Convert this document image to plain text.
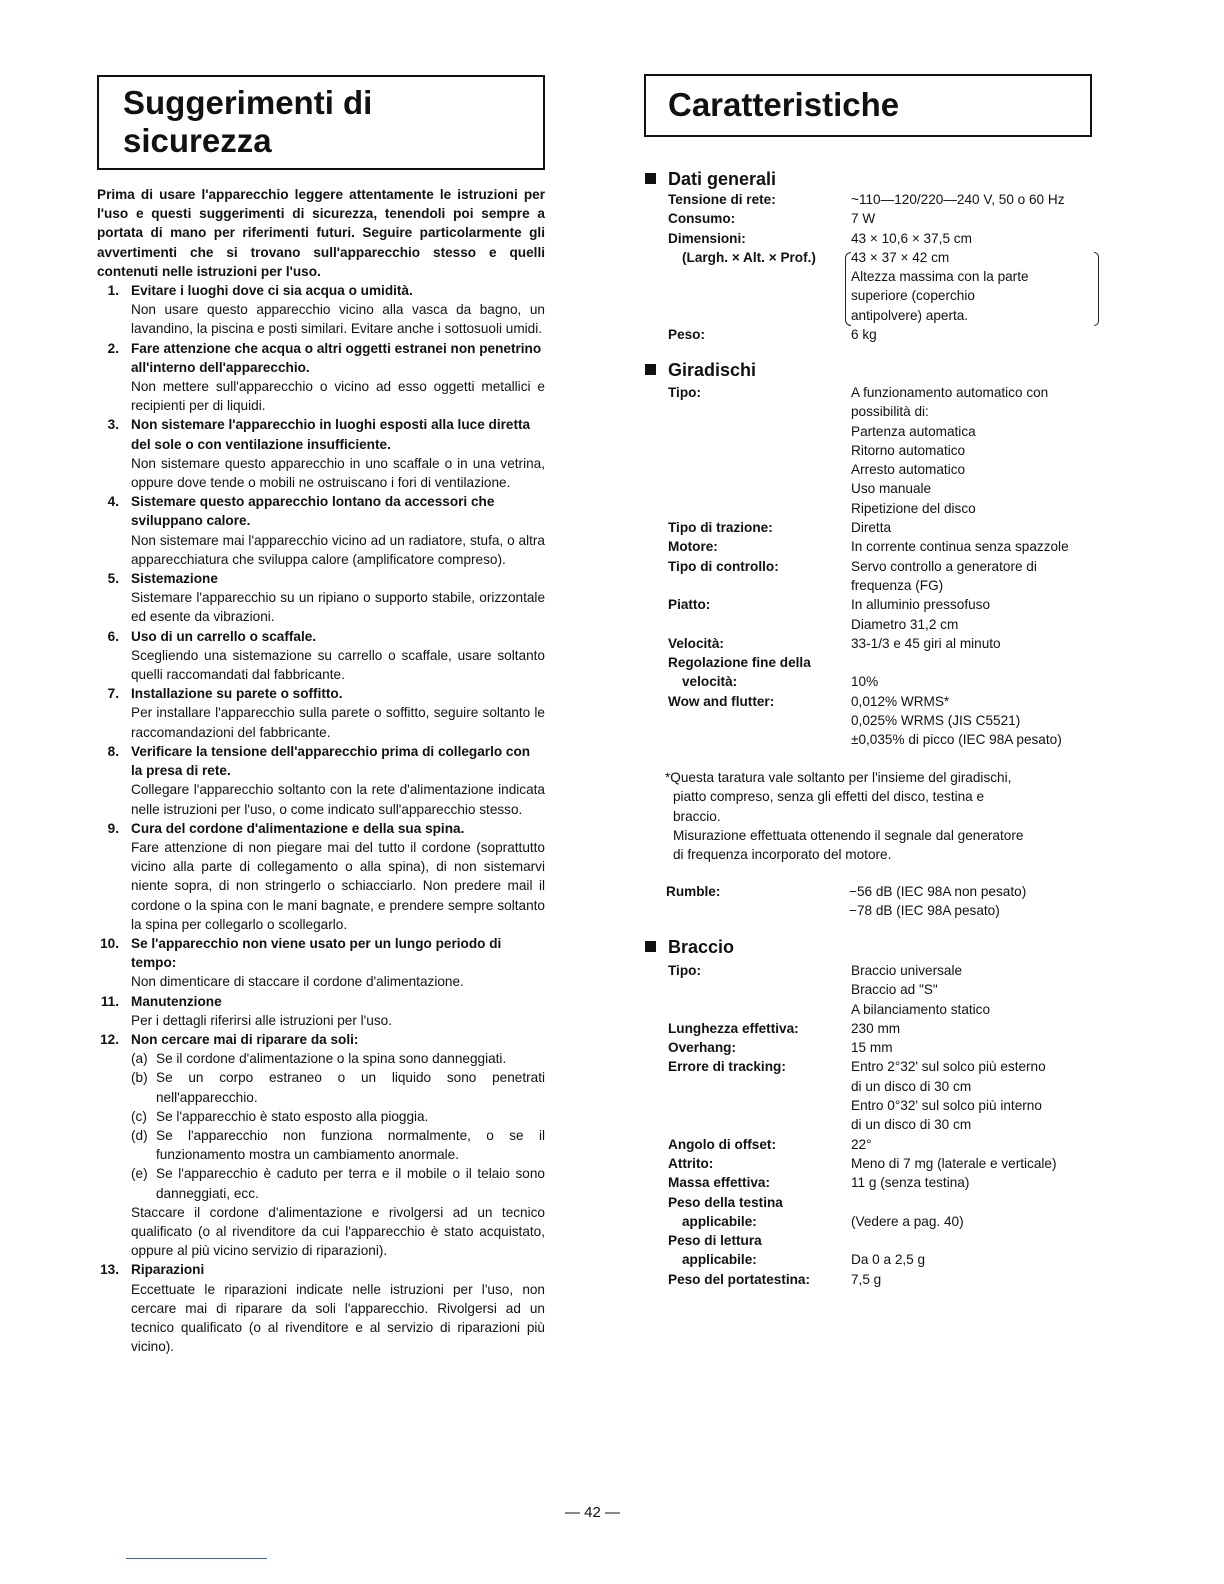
Suggerimenti di
sicurezza
Caratteristiche
Prima di usare l'apparecchio leggere attentamente le istruzioni per l'uso e questi suggerimenti di sicurezza, tenendoli poi sempre a portata di mano per riferimenti futuri. Seguire particolarmente gli avvertimenti che si trovano sull'apparecchio stesso e quelli contenuti nelle istruzioni per l'uso.
1. Evitare i luoghi dove ci sia acqua o umidità.
Non usare questo apparecchio vicino alla vasca da bagno, un lavandino, la piscina e posti similari. Evitare anche i sottosuoli umidi.
2. Fare attenzione che acqua o altri oggetti estranei non penetrino all'interno dell'apparecchio.
Non mettere sull'apparecchio o vicino ad esso oggetti metallici e recipienti per di liquidi.
3. Non sistemare l'apparecchio in luoghi esposti alla luce diretta del sole o con ventilazione insufficiente.
Non sistemare questo apparecchio in uno scaffale o in una vetrina, oppure dove tende o mobili ne ostruiscano i fori di ventilazione.
4. Sistemare questo apparecchio lontano da accessori che sviluppano calore.
Non sistemare mai l'apparecchio vicino ad un radiatore, stufa, o altra apparecchiatura che sviluppa calore (amplificatore compreso).
5. Sistemazione
Sistemare l'apparecchio su un ripiano o supporto stabile, orizzontale ed esente da vibrazioni.
6. Uso di un carrello o scaffale.
Scegliendo una sistemazione su carrello o scaffale, usare soltanto quelli raccomandati dal fabbricante.
7. Installazione su parete o soffitto.
Per installare l'apparecchio sulla parete o soffitto, seguire soltanto le raccomandazioni del fabbricante.
8. Verificare la tensione dell'apparecchio prima di collegarlo con la presa di rete.
Collegare l'apparecchio soltanto con la rete d'alimentazione indicata nelle istruzioni per l'uso, o come indicato sull'apparecchio stesso.
9. Cura del cordone d'alimentazione e della sua spina.
Fare attenzione di non piegare mai del tutto il cordone (soprattutto vicino alla parte di collegamento o alla spina), di non sistemarvi niente sopra, di non stringerlo o schiacciarlo. Non predere mail il cordone o la spina con le mani bagnate, e prendere sempre soltanto la spina per collegarlo o scollegarlo.
10. Se l'apparecchio non viene usato per un lungo periodo di tempo:
Non dimenticare di staccare il cordone d'alimentazione.
11. Manutenzione
Per i dettagli riferirsi alle istruzioni per l'uso.
12. Non cercare mai di riparare da soli:
(a) Se il cordone d'alimentazione o la spina sono danneggiati.
(b) Se un corpo estraneo o un liquido sono penetrati nell'apparecchio.
(c) Se l'apparecchio è stato esposto alla pioggia.
(d) Se l'apparecchio non funziona normalmente, o se il funzionamento mostra un cambiamento anormale.
(e) Se l'apparecchio è caduto per terra e il mobile o il telaio sono danneggiati, ecc.
Staccare il cordone d'alimentazione e rivolgersi ad un tecnico qualificato (o al rivenditore da cui l'apparecchio è stato acquistato, oppure al più vicino servizio di riparazioni).
13. Riparazioni
Eccettuate le riparazioni indicate nelle istruzioni per l'uso, non cercare mai di riparare da soli l'apparecchio. Rivolgersi ad un tecnico qualificato (o al rivenditore e al servizio di riparazioni più vicino).
Dati generali
Tensione di rete:	~110—120/220—240 V, 50 o 60 Hz
Consumo:	7 W
Dimensioni:	43 × 10,6 × 37,5 cm
(Largh. × Alt. × Prof.)	43 × 37 × 42 cm
Altezza massima con la parte
superiore (coperchio
antipolvere) aperta.
Peso:	6 kg
Giradischi
Tipo:	A funzionamento automatico con
possibilità di:
Partenza automatica
Ritorno automatico
Arresto automatico
Uso manuale
Ripetizione del disco
Tipo di trazione:	Diretta
Motore:	In corrente continua senza spazzole
Tipo di controllo:	Servo controllo a generatore di
frequenza (FG)
Piatto:	In alluminio pressofuso
Diametro 31,2 cm
Velocità:	33-1/3 e 45 giri al minuto
Regolazione fine della

velocità:	10%
Wow and flutter:	0,012% WRMS*
0,025% WRMS (JIS C5521)
±0,035% di picco (IEC 98A pesato)
*Questa taratura vale soltanto per l'insieme del giradischi,
piatto compreso, senza gli effetti del disco, testina e
braccio.
Misurazione effettuata ottenendo il segnale dal generatore
di frequenza incorporato del motore.
Rumble:	−56 dB (IEC 98A non pesato)
−78 dB (IEC 98A pesato)
Braccio
Tipo:	Braccio universale
Braccio ad "S"
A bilanciamento statico
Lunghezza effettiva:	230 mm
Overhang:	15 mm
Errore di tracking:	Entro 2°32' sul solco più esterno
di un disco di 30 cm
Entro 0°32' sul solco più interno
di un disco di 30 cm
Angolo di offset:	22°
Attrito:	Meno di 7 mg (laterale e verticale)
Massa effettiva:	11 g (senza testina)
Peso della testina

applicabile:	(Vedere a pag. 40)
Peso di lettura

applicabile:	Da 0 a 2,5 g
Peso del portatestina:	7,5 g
— 42 —
